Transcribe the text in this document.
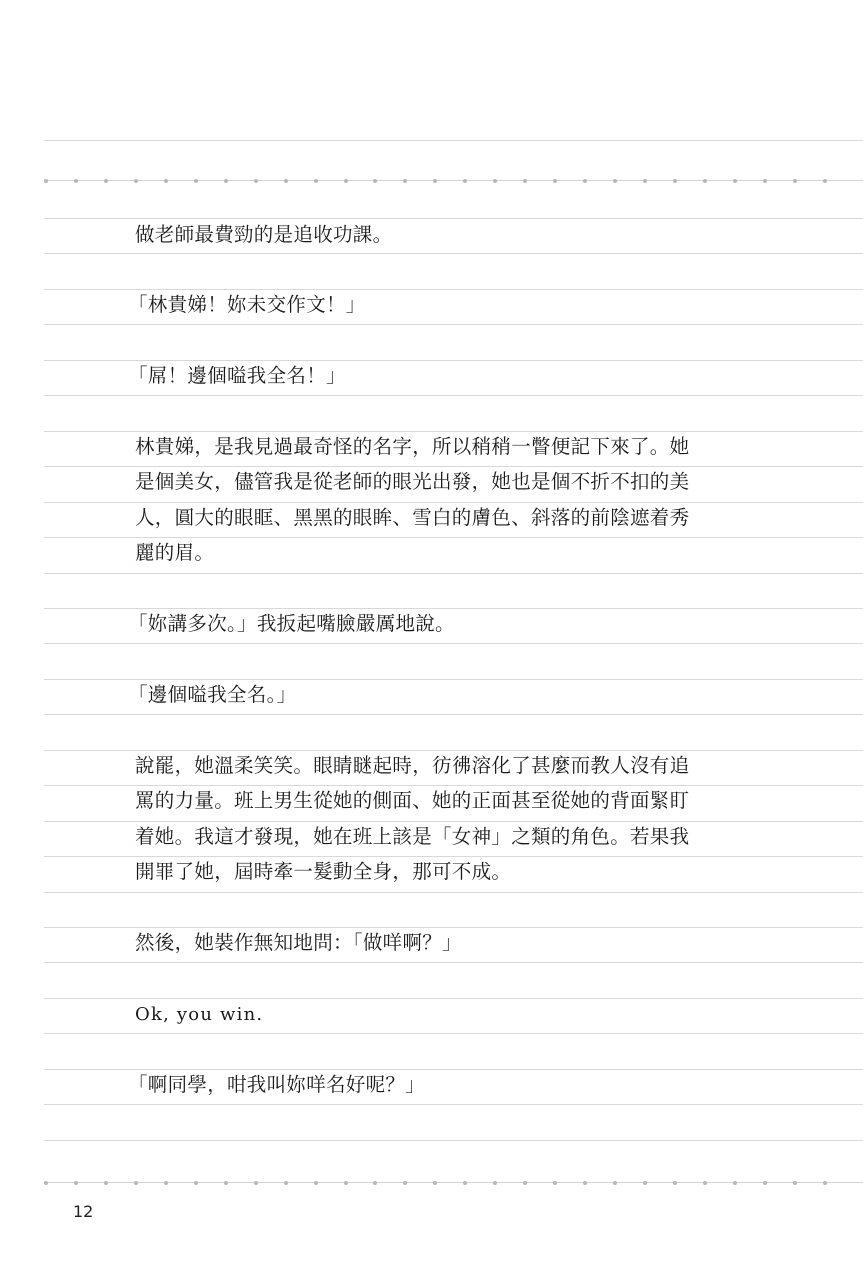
做老師最費勁的是追收功課。

「林貴娣！妳未交作文！」

「屌！邊個嗌我全名！」

林貴娣，是我見過最奇怪的名字，所以稍稍一瞥便記下來了。她

是個美女，儘管我是從老師的眼光出發，她也是個不折不扣的美

人，圓大的眼眶、黑黑的眼眸、雪白的膚色、斜落的前陰遮着秀

麗的眉。

「妳講多次。」我扳起嘴臉嚴厲地說。

「邊個嗌我全名。」

說罷，她溫柔笑笑。眼睛瞇起時，彷彿溶化了甚麼而教人沒有追

罵的力量。班上男生從她的側面、她的正面甚至從她的背面緊盯

着她。我這才發現，她在班上該是「女神」之類的角色。若果我

開罪了她，屆時牽一髮動全身，那可不成。

然後，她裝作無知地問：「做咩啊？」

Ok, you win.

「啊同學，咁我叫妳咩名好呢？」

12
